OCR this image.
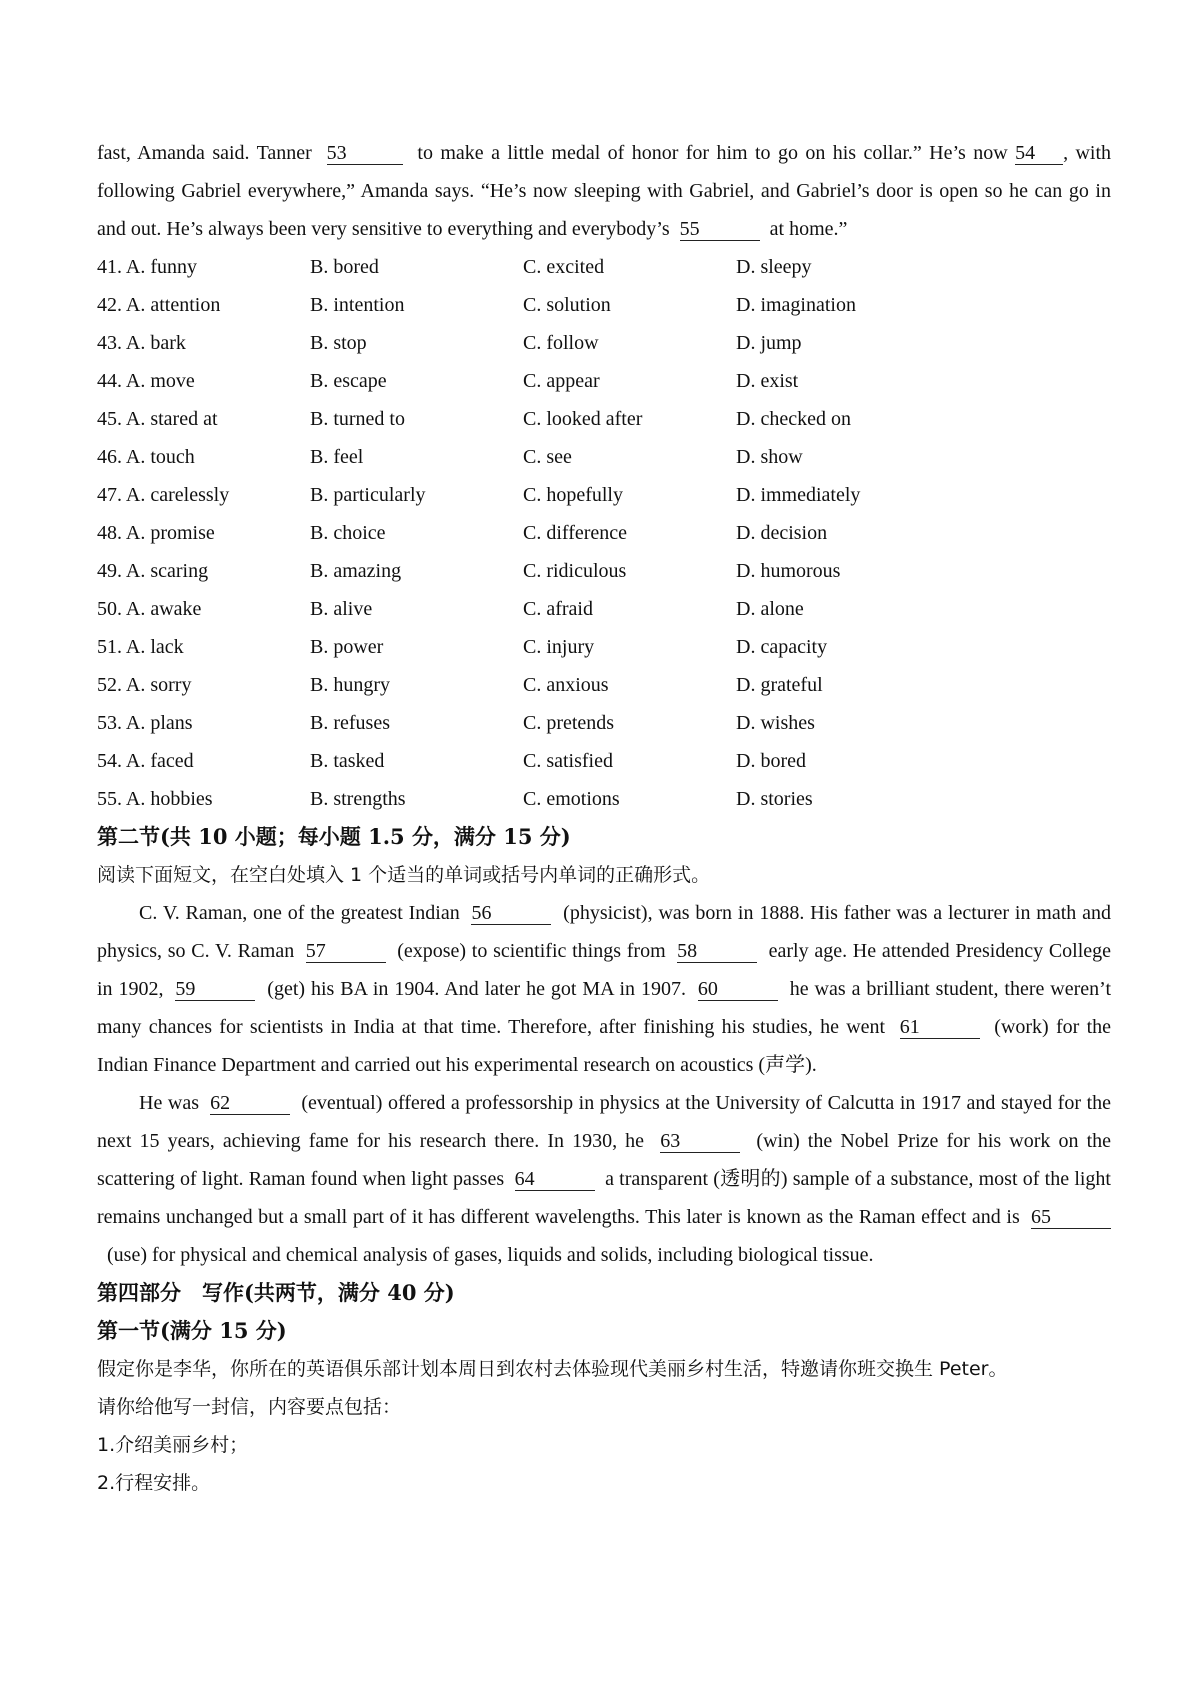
fast, Amanda said. Tanner 53	to make a little medal of honor for him to go on his collar.” He’s now 54 , with following Gabriel everywhere,” Amanda says. “He’s now sleeping with Gabriel, and Gabriel’s door is open so he can go in and out. He’s always been very sensitive to everything and everybody’s 55	at home.”

41. A. funny	B. bored	C. excited	D. sleepy
42. A. attention	B. intention	C. solution	D. imagination
43. A. bark	B. stop	C. follow	D. jump
44. A. move	B. escape	C. appear	D. exist
45. A. stared at	B. turned to	C. looked after	D. checked on
46. A. touch	B. feel	C. see	D. show
47. A. carelessly	B. particularly	C. hopefully	D. immediately
48. A. promise	B. choice	C. difference	D. decision
49. A. scaring	B. amazing	C. ridiculous	D. humorous
50. A. awake	B. alive	C. afraid	D. alone
51. A. lack	B. power	C. injury	D. capacity
52. A. sorry	B. hungry	C. anxious	D. grateful
53. A. plans	B. refuses	C. pretends	D. wishes
54. A. faced	B. tasked	C. satisfied	D. bored
55. A. hobbies	B. strengths	C. emotions	D. stories

第二节(共 10 小题；每小题 1.5 分，满分 15 分)

阅读下面短文，在空白处填入 1 个适当的单词或括号内单词的正确形式。

C. V. Raman, one of the greatest Indian 56	(physicist), was born in 1888. His father was a lecturer in math and physics, so C. V. Raman 57	(expose) to scientific things from 58	early age. He attended Presidency College in 1902, 59	(get) his BA in 1904. And later he got MA in 1907. 60	he was a brilliant student, there weren’t many chances for scientists in India at that time. Therefore, after finishing his studies, he went 61	(work) for the Indian Finance Department and carried out his experimental research on acoustics (声学).

He was 62	(eventual) offered a professorship in physics at the University of Calcutta in 1917 and stayed for the next 15 years, achieving fame for his research there. In 1930, he 63	(win) the Nobel Prize for his work on the scattering of light. Raman found when light passes 64	a transparent (透明的) sample of a substance, most of the light remains unchanged but a small part of it has different wavelengths. This later is known as the Raman effect and is 65  (use) for physical and chemical analysis of gases, liquids and solids, including biological tissue.

第四部分　写作(共两节，满分 40 分)

第一节(满分 15 分)

假定你是李华，你所在的英语俱乐部计划本周日到农村去体验现代美丽乡村生活，特邀请你班交换生 Peter。

请你给他写一封信，内容要点包括：

1.介绍美丽乡村；

2.行程安排。
